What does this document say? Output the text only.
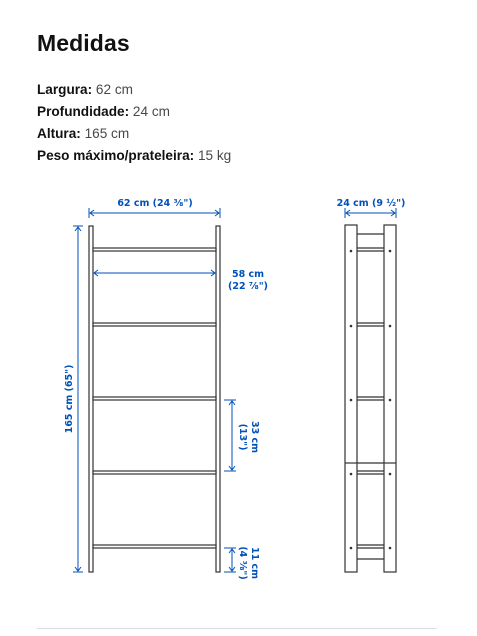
Medidas
Largura: 62 cm
Profundidade: 24 cm
Altura: 165 cm
Peso máximo/prateleira: 15 kg
62 cm (24 ⅜")
58 cm
(22 ⅞")
165 cm (65")
33 cm
(13")
11 cm
(4 ⅜")
24 cm (9 ½")
